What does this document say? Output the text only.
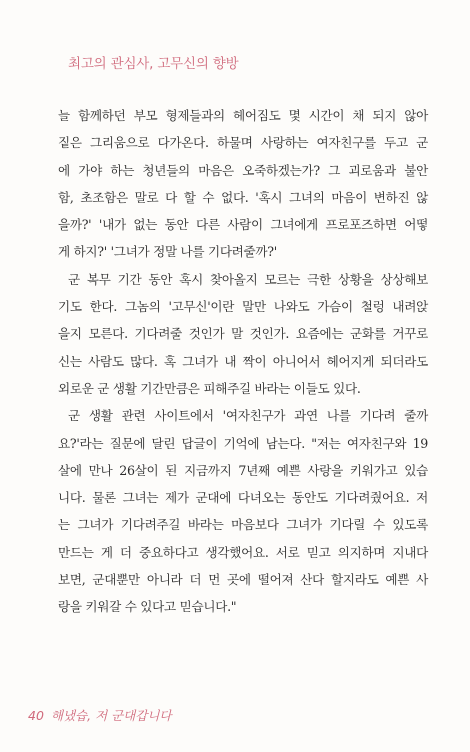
최고의 관심사, 고무신의 향방
늘 함께하던 부모 형제들과의 헤어짐도 몇 시간이 채 되지 않아
짙은 그리움으로 다가온다. 하물며 사랑하는 여자친구를 두고 군
에 가야 하는 청년들의 마음은 오죽하겠는가? 그 괴로움과 불안
함, 초조함은 말로 다 할 수 없다. '혹시 그녀의 마음이 변하진 않
을까?' '내가 없는 동안 다른 사람이 그녀에게 프로포즈하면 어떻
게 하지?' '그녀가 정말 나를 기다려줄까?'
군 복무 기간 동안 혹시 찾아올지 모르는 극한 상황을 상상해보
기도 한다. 그놈의 '고무신'이란 말만 나와도 가슴이 철렁 내려앉
을지 모른다. 기다려줄 것인가 말 것인가. 요즘에는 군화를 거꾸로
신는 사람도 많다. 혹 그녀가 내 짝이 아니어서 헤어지게 되더라도
외로운 군 생활 기간만큼은 피해주길 바라는 이들도 있다.
군 생활 관련 사이트에서 '여자친구가 과연 나를 기다려 줄까
요?'라는 질문에 달린 답글이 기억에 남는다. "저는 여자친구와 19
살에 만나 26살이 된 지금까지 7년째 예쁜 사랑을 키워가고 있습
니다. 물론 그녀는 제가 군대에 다녀오는 동안도 기다려줬어요. 저
는 그녀가 기다려주길 바라는 마음보다 그녀가 기다릴 수 있도록
만드는 게 더 중요하다고 생각했어요. 서로 믿고 의지하며 지내다
보면, 군대뿐만 아니라 더 먼 곳에 떨어져 산다 할지라도 예쁜 사
랑을 키워갈 수 있다고 믿습니다."
40 해냈습, 저 군대갑니다
